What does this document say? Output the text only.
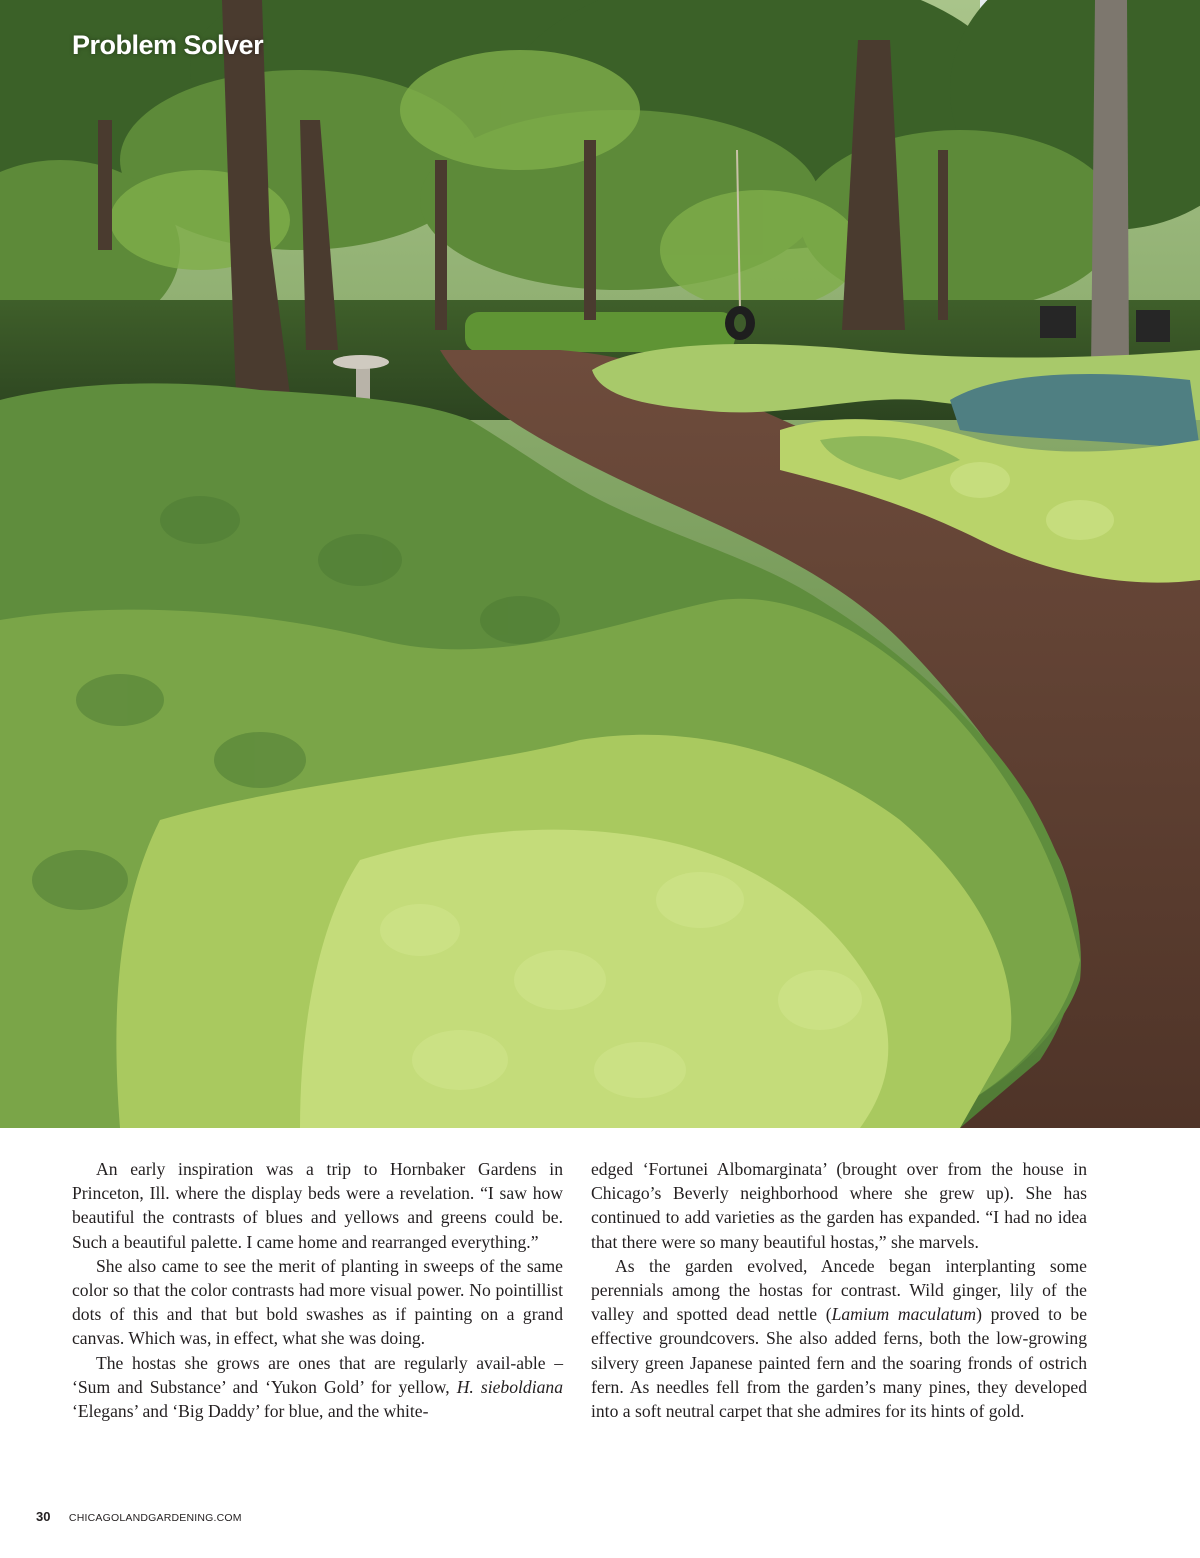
Problem Solver

An early inspiration was a trip to Hornbaker Gardens in Princeton, Ill. where the display beds were a revelation. “I saw how beautiful the contrasts of blues and yellows and greens could be. Such a beautiful palette. I came home and rearranged everything.”

She also came to see the merit of planting in sweeps of the same color so that the color contrasts had more visual power. No pointillist dots of this and that but bold swashes as if painting on a grand canvas. Which was, in effect, what she was doing.

The hostas she grows are ones that are regularly avail-able – ‘Sum and Substance’ and ‘Yukon Gold’ for yellow, H. sieboldiana ‘Elegans’ and ‘Big Daddy’ for blue, and the white-

edged ‘Fortunei Albomarginata’ (brought over from the house in Chicago’s Beverly neighborhood where she grew up). She has continued to add varieties as the garden has expanded. “I had no idea that there were so many beautiful hostas,” she marvels.

As the garden evolved, Ancede began interplanting some perennials among the hostas for contrast. Wild ginger, lily of the valley and spotted dead nettle (Lamium maculatum) proved to be effective groundcovers. She also added ferns, both the low-growing silvery green Japanese painted fern and the soaring fronds of ostrich fern. As needles fell from the garden’s many pines, they developed into a soft neutral carpet that she admires for its hints of gold.

30 CHICAGOLANDGARDENING.COM
